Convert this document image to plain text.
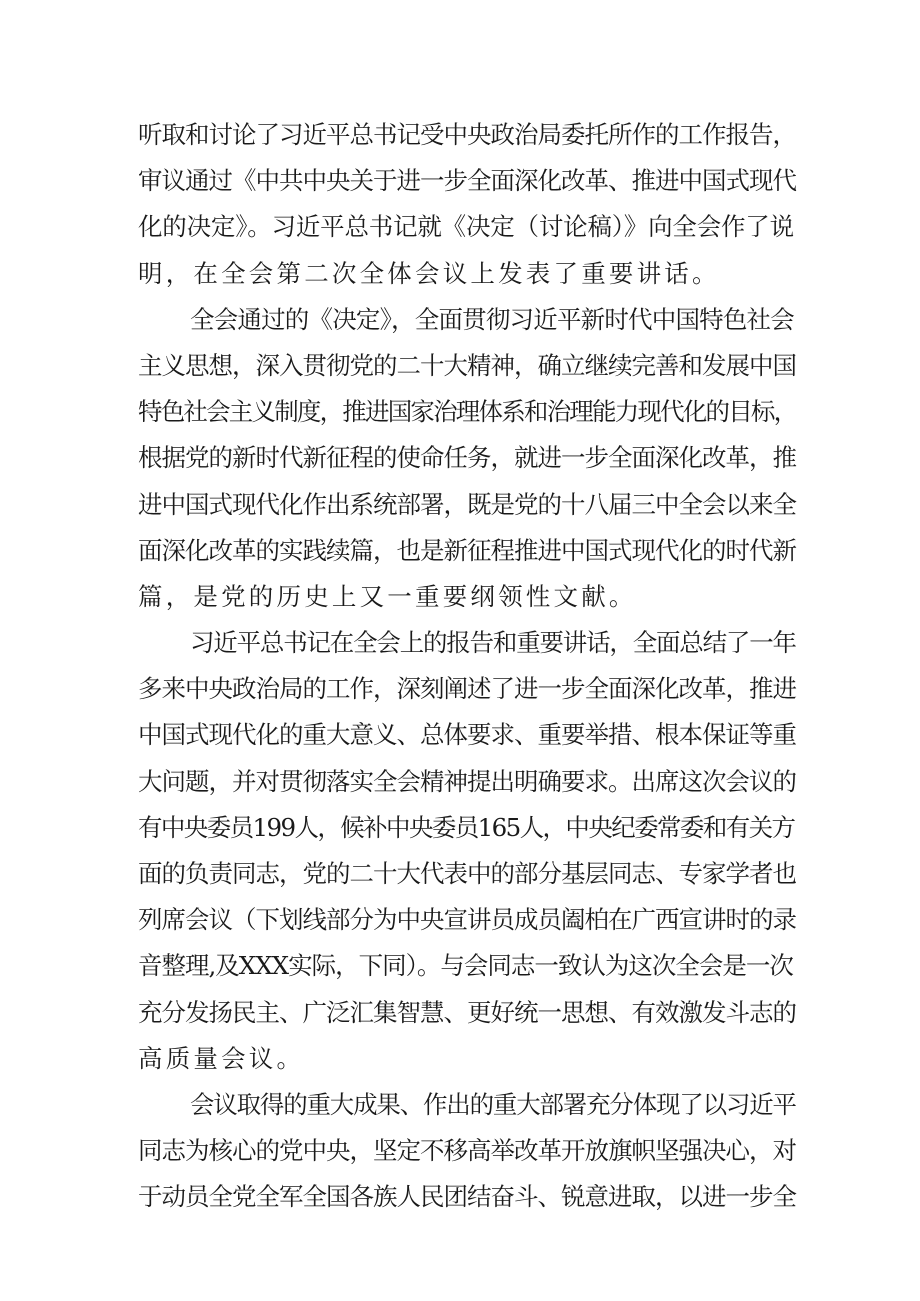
听取和讨论了习近平总书记受中央政治局委托所作的工作报告，
审议通过《中共中央关于进一步全面深化改革、推进中国式现代
化的决定》。习近平总书记就《决定（讨论稿）》向全会作了说
明，在全会第二次全体会议上发表了重要讲话。
全会通过的《决定》，全面贯彻习近平新时代中国特色社会
主义思想，深入贯彻党的二十大精神，确立继续完善和发展中国
特色社会主义制度，推进国家治理体系和治理能力现代化的目标，
根据党的新时代新征程的使命任务，就进一步全面深化改革，推
进中国式现代化作出系统部署，既是党的十八届三中全会以来全
面深化改革的实践续篇，也是新征程推进中国式现代化的时代新
篇，是党的历史上又一重要纲领性文献。
习近平总书记在全会上的报告和重要讲话，全面总结了一年
多来中央政治局的工作，深刻阐述了进一步全面深化改革，推进
中国式现代化的重大意义、总体要求、重要举措、根本保证等重
大问题，并对贯彻落实全会精神提出明确要求。出席这次会议的
有中央委员199人，候补中央委员165人，中央纪委常委和有关方
面的负责同志，党的二十大代表中的部分基层同志、专家学者也
列席会议（下划线部分为中央宣讲员成员阖柏在广西宣讲时的录
音整理,及XXX实际，下同）。与会同志一致认为这次全会是一次
充分发扬民主、广泛汇集智慧、更好统一思想、有效激发斗志的
高质量会议。
会议取得的重大成果、作出的重大部署充分体现了以习近平
同志为核心的党中央，坚定不移高举改革开放旗帜坚强决心，对
于动员全党全军全国各族人民团结奋斗、锐意进取，以进一步全
